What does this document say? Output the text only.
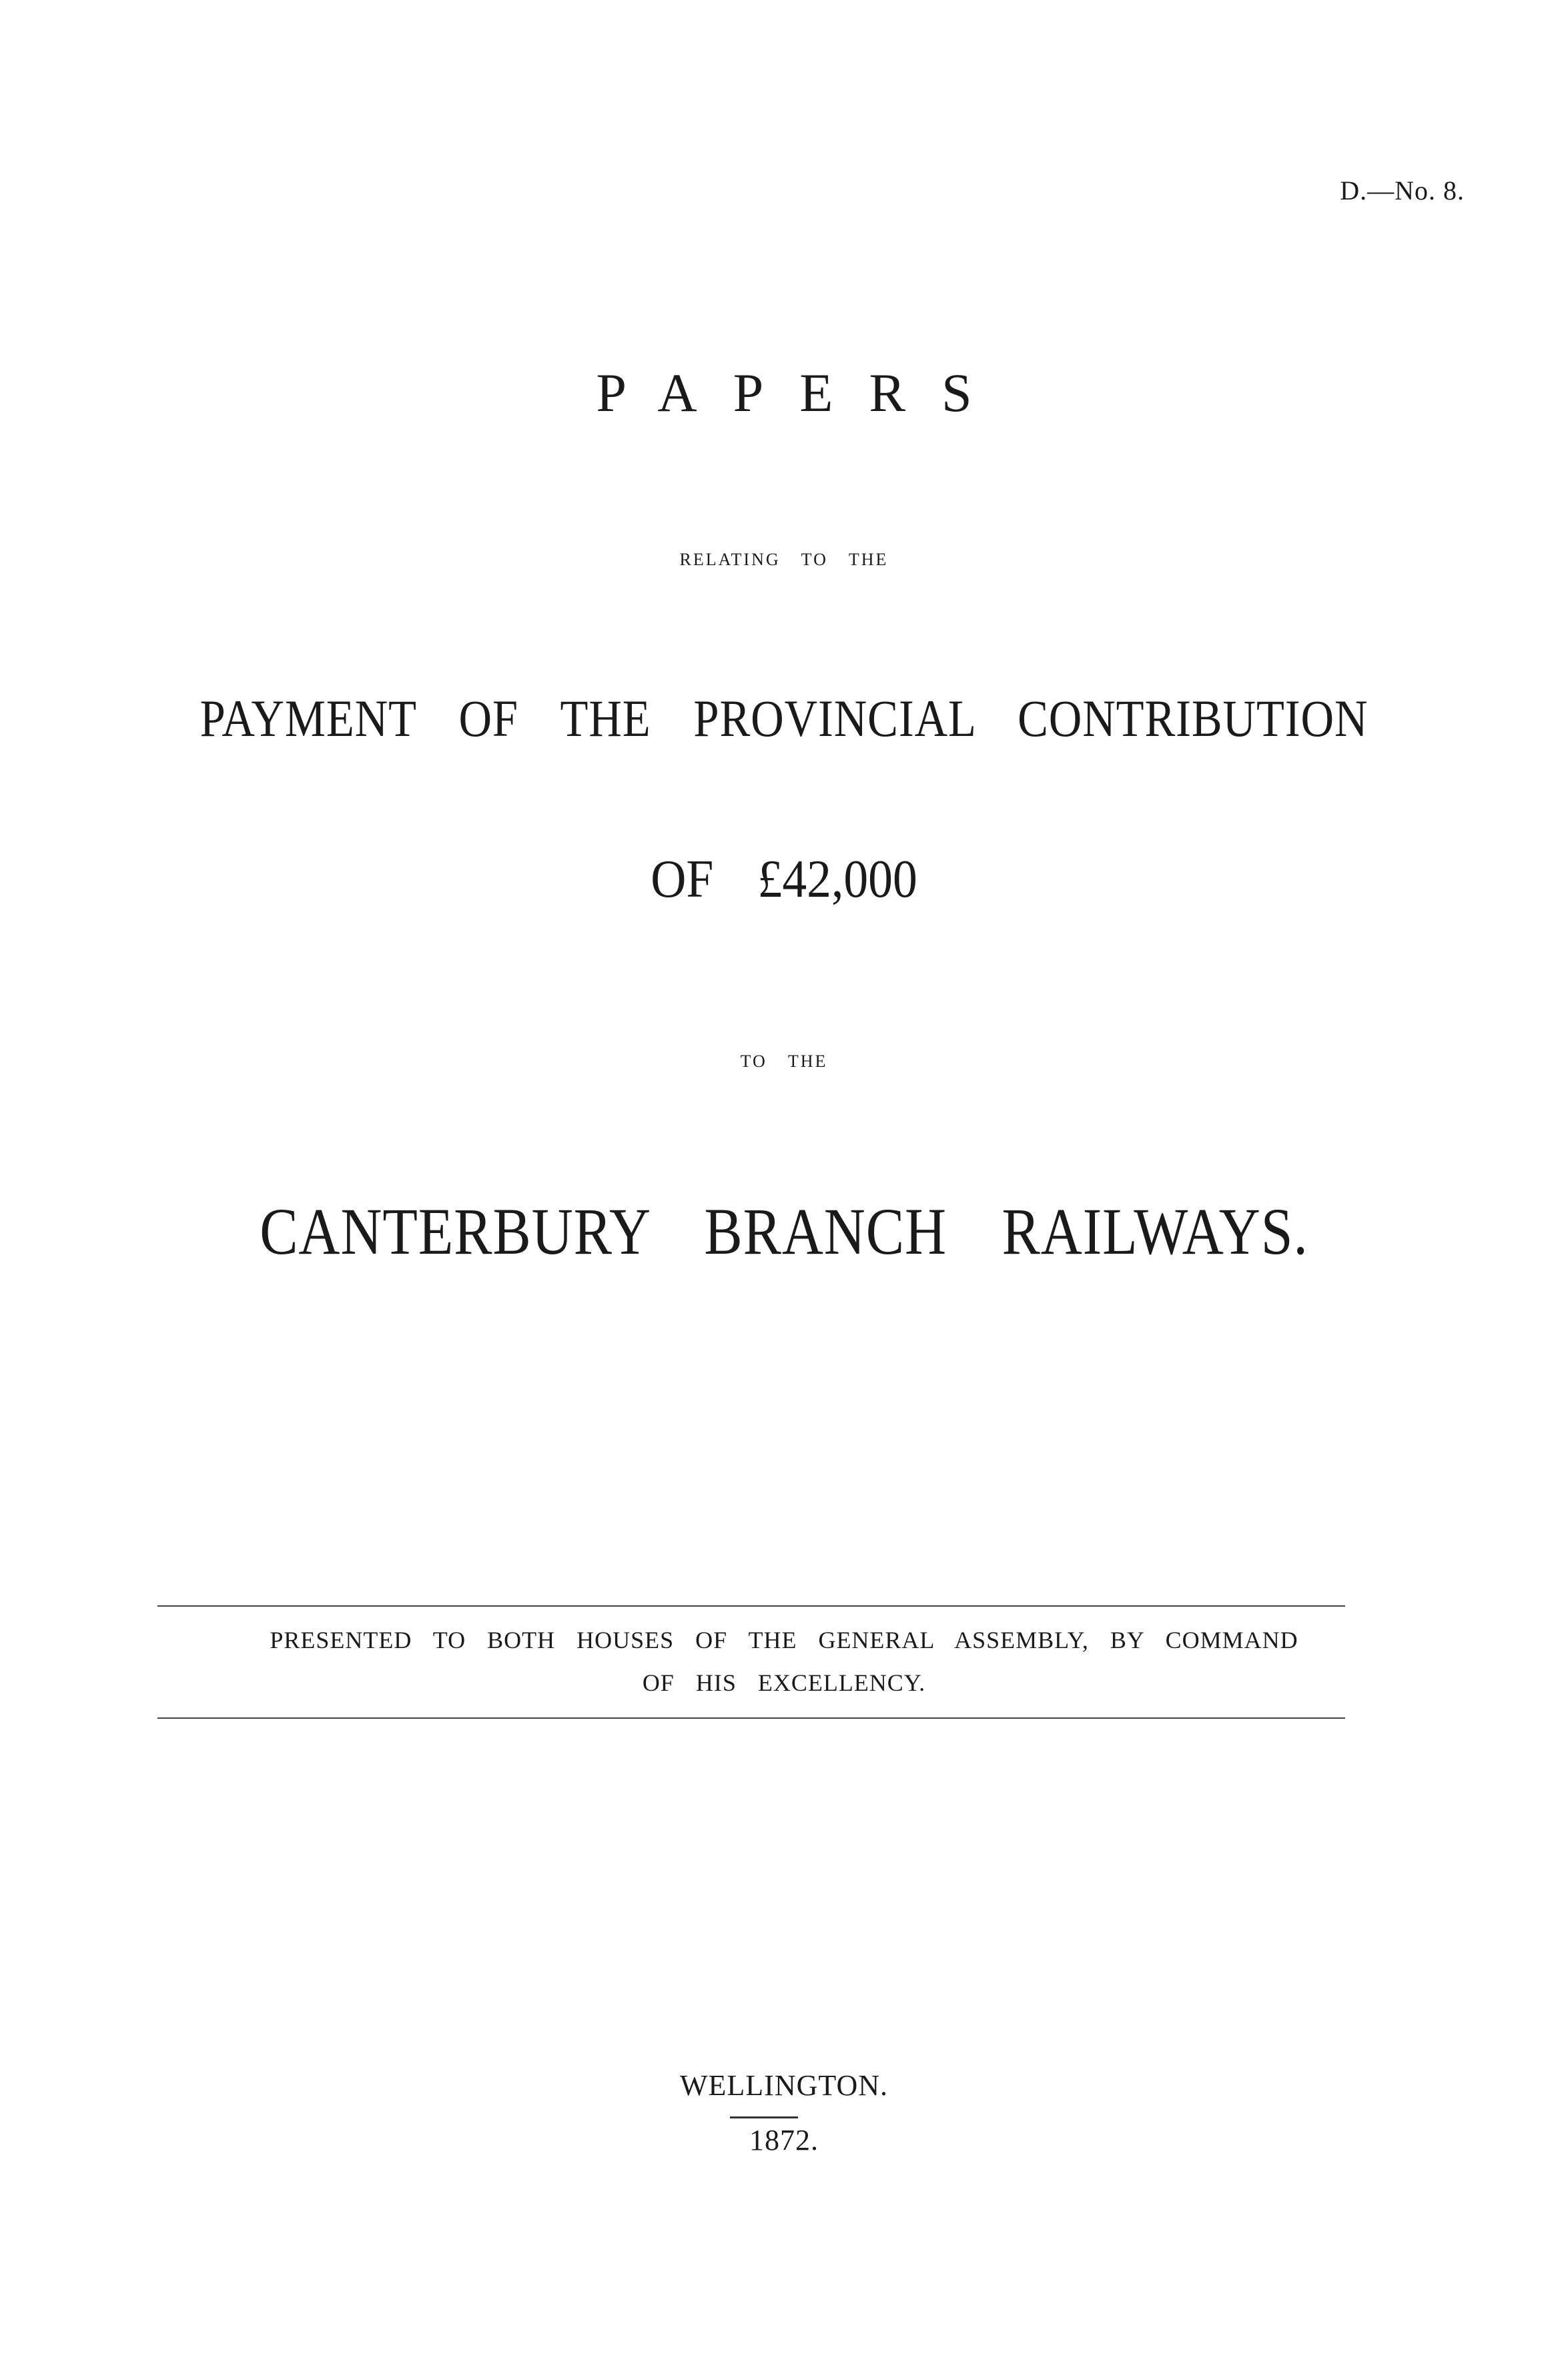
D.—No. 8.
PAPERS
RELATING TO THE
PAYMENT OF THE PROVINCIAL CONTRIBUTION
OF £42,000
TO THE
CANTERBURY BRANCH RAILWAYS.
PRESENTED TO BOTH HOUSES OF THE GENERAL ASSEMBLY, BY COMMAND
OF HIS EXCELLENCY.
WELLINGTON.
1872.
